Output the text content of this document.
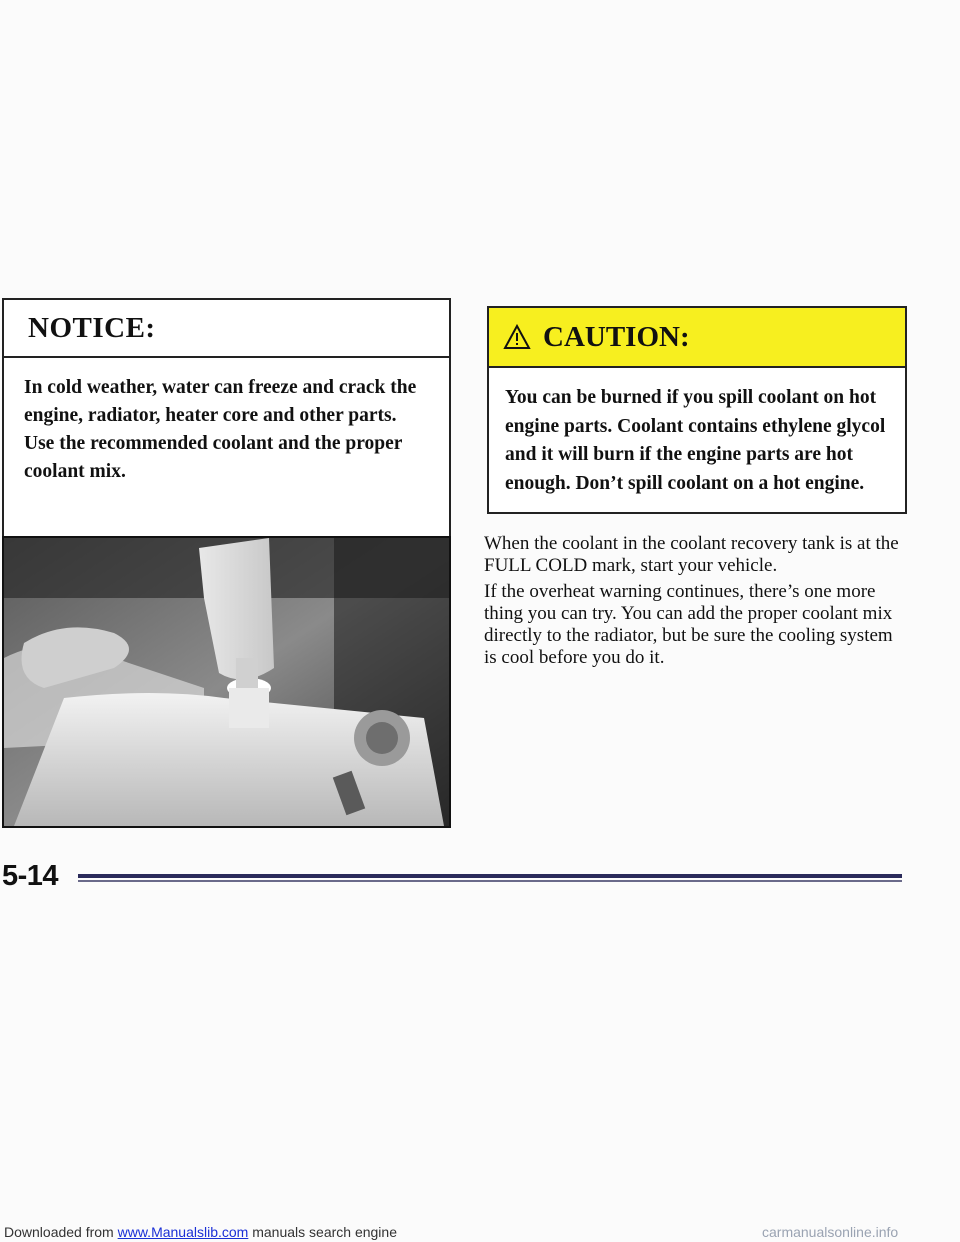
NOTICE:
In cold weather, water can freeze and crack the engine, radiator, heater core and other parts. Use the recommended coolant and the proper coolant mix.
CAUTION:
You can be burned if you spill coolant on hot engine parts. Coolant contains ethylene glycol and it will burn if the engine parts are hot enough. Don’t spill coolant on a hot engine.

When the coolant in the coolant recovery tank is at the FULL COLD mark, start your vehicle.

If the overheat warning continues, there’s one more thing you can try. You can add the proper coolant mix directly to the radiator, but be sure the cooling system is cool before you do it.

5-14
Downloaded from www.Manualslib.com manuals search engine	carmanualsonline.info
